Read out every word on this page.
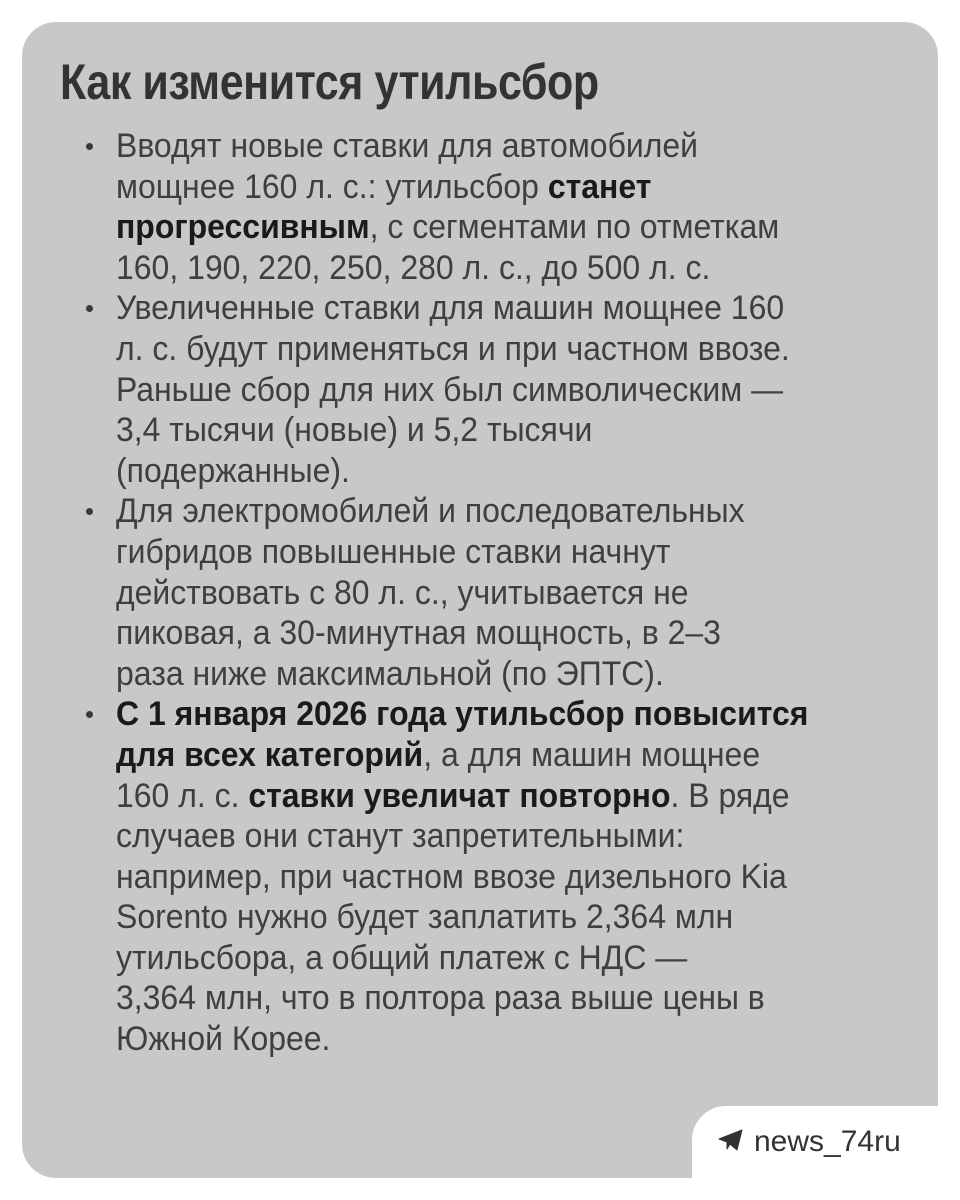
Как изменится утильсбор
Вводят новые ставки для автомобилей
мощнее 160 л. с.: утильсбор станет
прогрессивным, с сегментами по отметкам
160, 190, 220, 250, 280 л. с., до 500 л. с.
Увеличенные ставки для машин мощнее 160
л. с. будут применяться и при частном ввозе.
Раньше сбор для них был символическим —
3,4 тысячи (новые) и 5,2 тысячи
(подержанные).
Для электромобилей и последовательных
гибридов повышенные ставки начнут
действовать с 80 л. с., учитывается не
пиковая, а 30-минутная мощность, в 2–3
раза ниже максимальной (по ЭПТС).
С 1 января 2026 года утильсбор повысится
для всех категорий, а для машин мощнее
160 л. с. ставки увеличат повторно. В ряде
случаев они станут запретительными:
например, при частном ввозе дизельного Kia
Sorento нужно будет заплатить 2,364 млн
утильсбора, а общий платеж с НДС —
3,364 млн, что в полтора раза выше цены в
Южной Корее.
news_74ru
